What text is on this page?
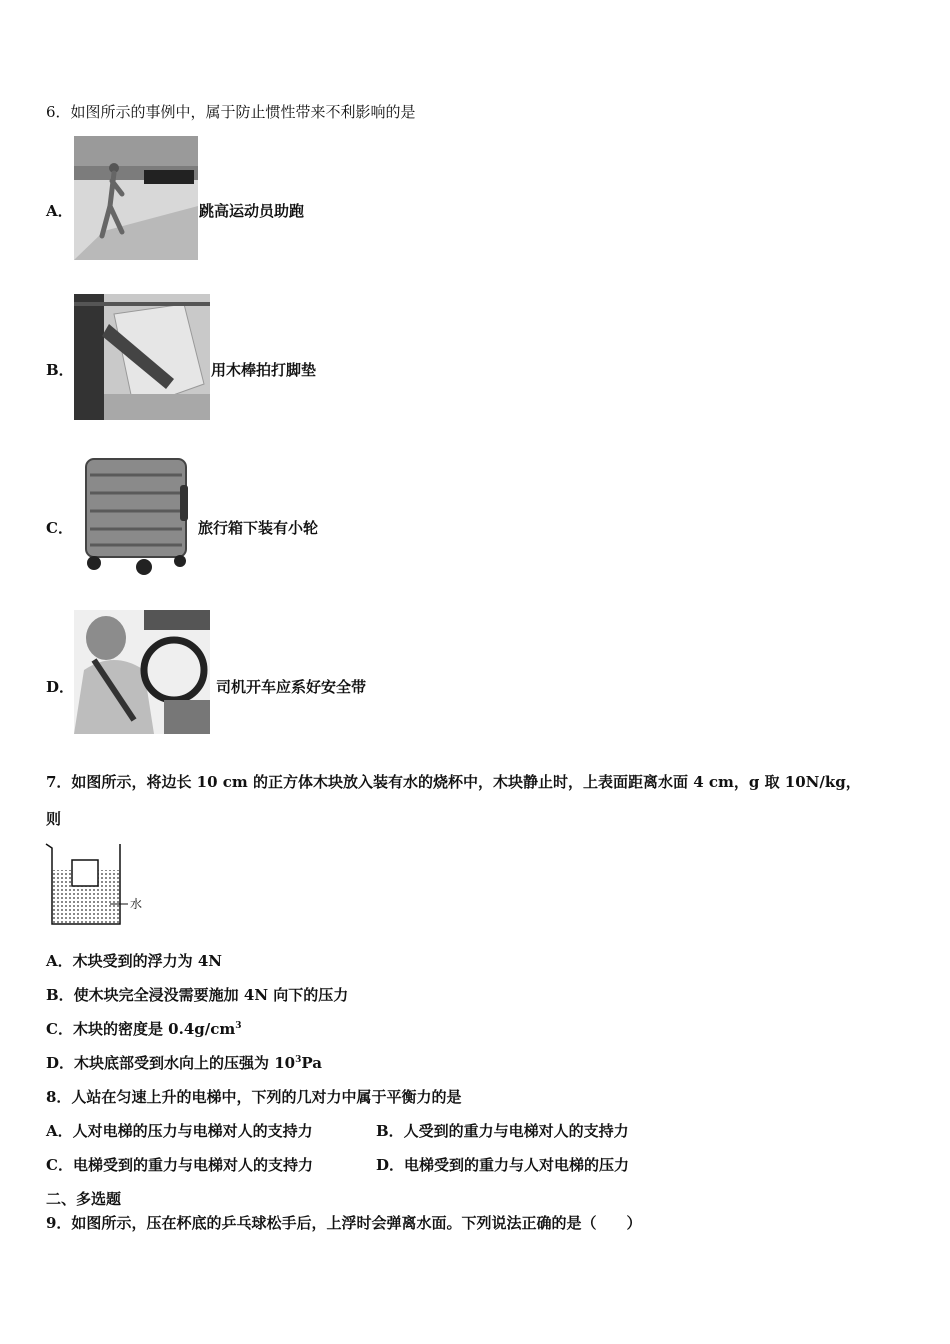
6．如图所示的事例中，属于防止惯性带来不利影响的是
A．	跳高运动员助跑
B．	用木棒拍打脚垫
C．	旅行箱下装有小轮
D．	司机开车应系好安全带
7．如图所示，将边长 10 cm 的正方体木块放入装有水的烧杯中，木块静止时，上表面距离水面 4 cm，g 取 10N/kg，
则
水
A．木块受到的浮力为 4N
B．使木块完全浸没需要施加 4N 向下的压力
C．木块的密度是 $0.4g/cm^3$
D．木块底部受到水向上的压强为 $10^3Pa$
8．人站在匀速上升的电梯中，下列的几对力中属于平衡力的是
A．人对电梯的压力与电梯对人的支持力	B．人受到的重力与电梯对人的支持力
C．电梯受到的重力与电梯对人的支持力	D．电梯受到的重力与人对电梯的压力
二、多选题
9．如图所示，压在杯底的乒乓球松手后，上浮时会弹离水面。下列说法正确的是（　　）
